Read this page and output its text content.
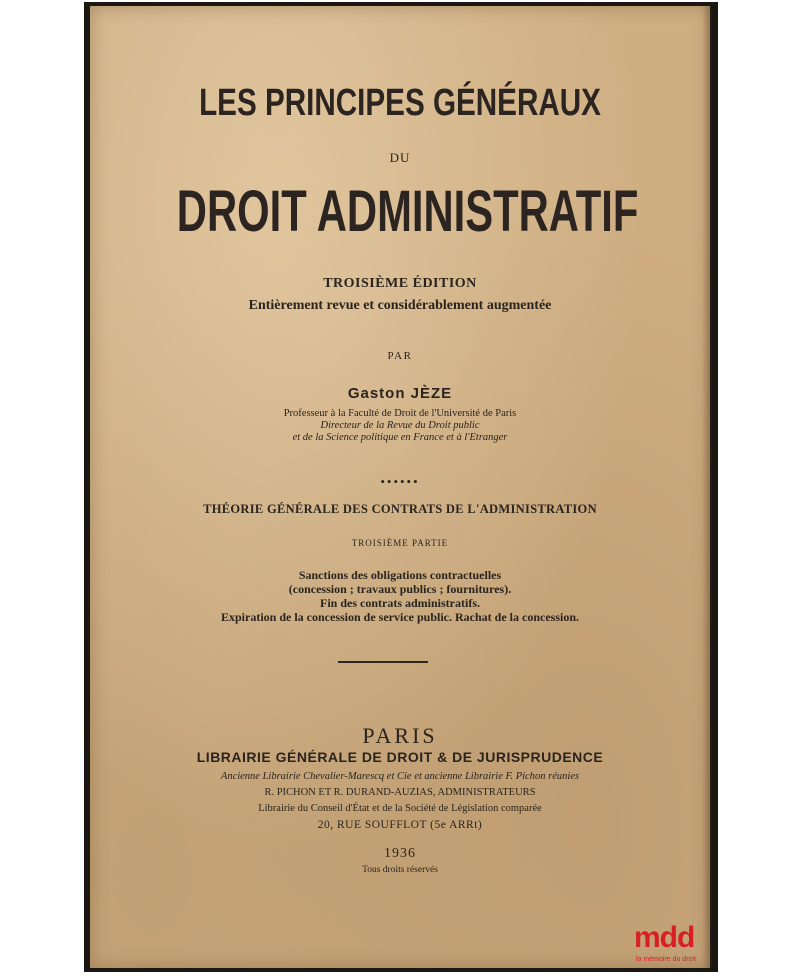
LES PRINCIPES GÉNÉRAUX
DU
DROIT ADMINISTRATIF
TROISIÈME ÉDITION
Entièrement revue et considérablement augmentée
PAR
Gaston JÈZE
Professeur à la Faculté de Droit de l'Université de Paris
Directeur de la Revue du Droit public
et de la Science politique en France et à l'Etranger
••••••
THÉORIE GÉNÉRALE DES CONTRATS DE L'ADMINISTRATION
TROISIÈME PARTIE
Sanctions des obligations contractuelles
(concession ; travaux publics ; fournitures).
Fin des contrats administratifs.
Expiration de la concession de service public. Rachat de la concession.
PARIS
LIBRAIRIE GÉNÉRALE DE DROIT & DE JURISPRUDENCE
Ancienne Librairie Chevalier-Marescq et Cie et ancienne Librairie F. Pichon réunies
R. PICHON ET R. DURAND-AUZIAS, ADMINISTRATEURS
Librairie du Conseil d'État et de la Société de Législation comparée
20, RUE SOUFFLOT (5e ARRt)
1936
Tous droits réservés
mdd
la mémoire du droit
